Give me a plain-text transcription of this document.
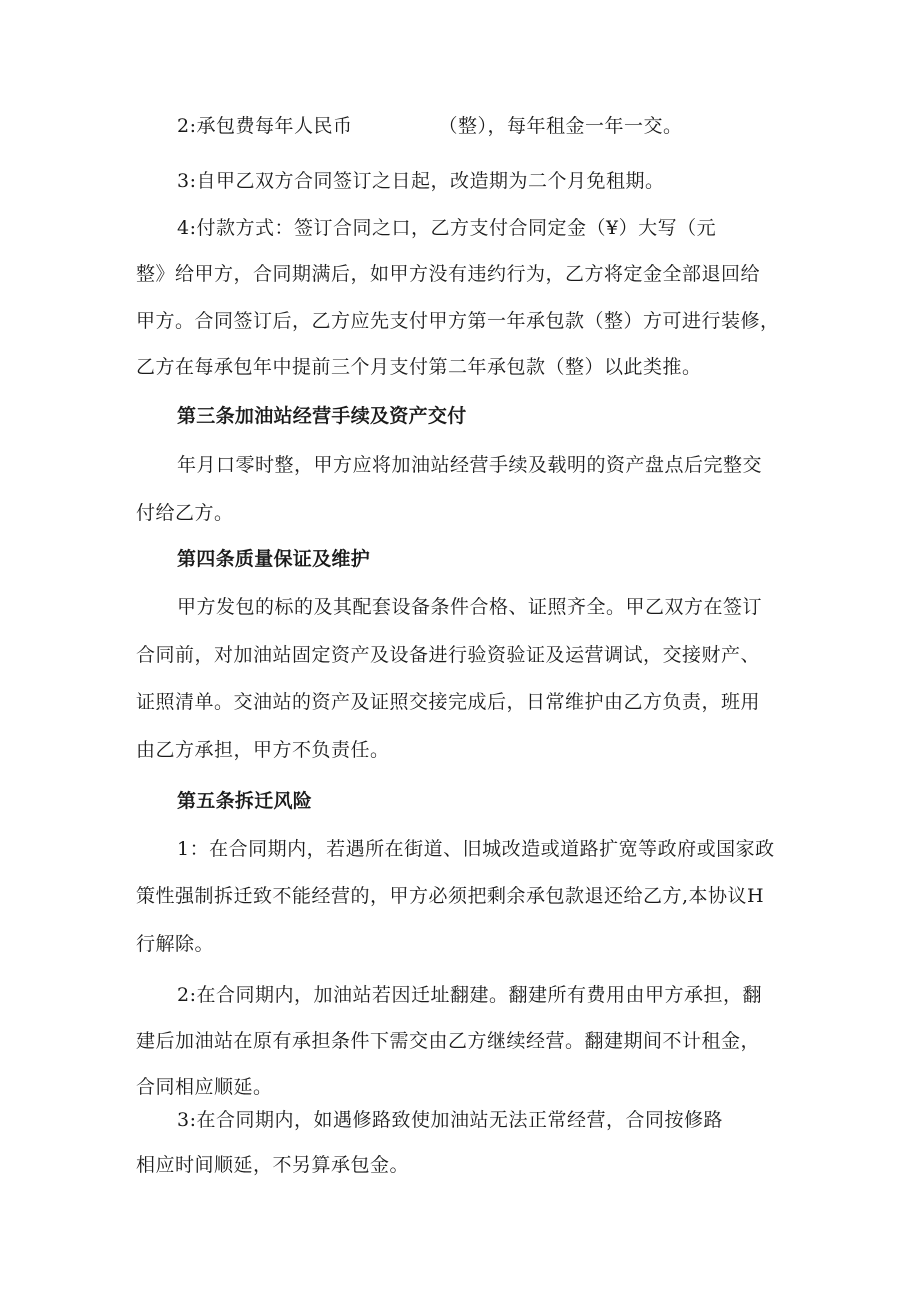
2:承包费每年人民币	（整），每年租金一年一交。
3:自甲乙双方合同签订之日起，改造期为二个月免租期。
4:付款方式：签订合同之口，乙方支付合同定金（¥）大写（元
整》给甲方，合同期满后，如甲方没有违约行为，乙方将定金全部退回给
甲方。合同签订后，乙方应先支付甲方第一年承包款（整）方可进行装修，
乙方在每承包年中提前三个月支付第二年承包款（整）以此类推。
第三条加油站经营手续及资产交付
年月口零时整，甲方应将加油站经营手续及载明的资产盘点后完整交
付给乙方。
第四条质量保证及维护
甲方发包的标的及其配套设备条件合格、证照齐全。甲乙双方在签订
合同前，对加油站固定资产及设备进行验资验证及运营调试，交接财产、
证照清单。交油站的资产及证照交接完成后，日常维护由乙方负责，班用
由乙方承担，甲方不负责任。
第五条拆迁风险
1：在合同期内，若遇所在街道、旧城改造或道路扩宽等政府或国家政
策性强制拆迁致不能经营的，甲方必须把剩余承包款退还给乙方,本协议H
行解除。
2:在合同期内，加油站若因迁址翻建。翻建所有费用由甲方承担，翻
建后加油站在原有承担条件下需交由乙方继续经营。翻建期间不计租金，
合同相应顺延。
3:在合同期内，如遇修路致使加油站无法正常经营，合同按修路
相应时间顺延，不另算承包金。
